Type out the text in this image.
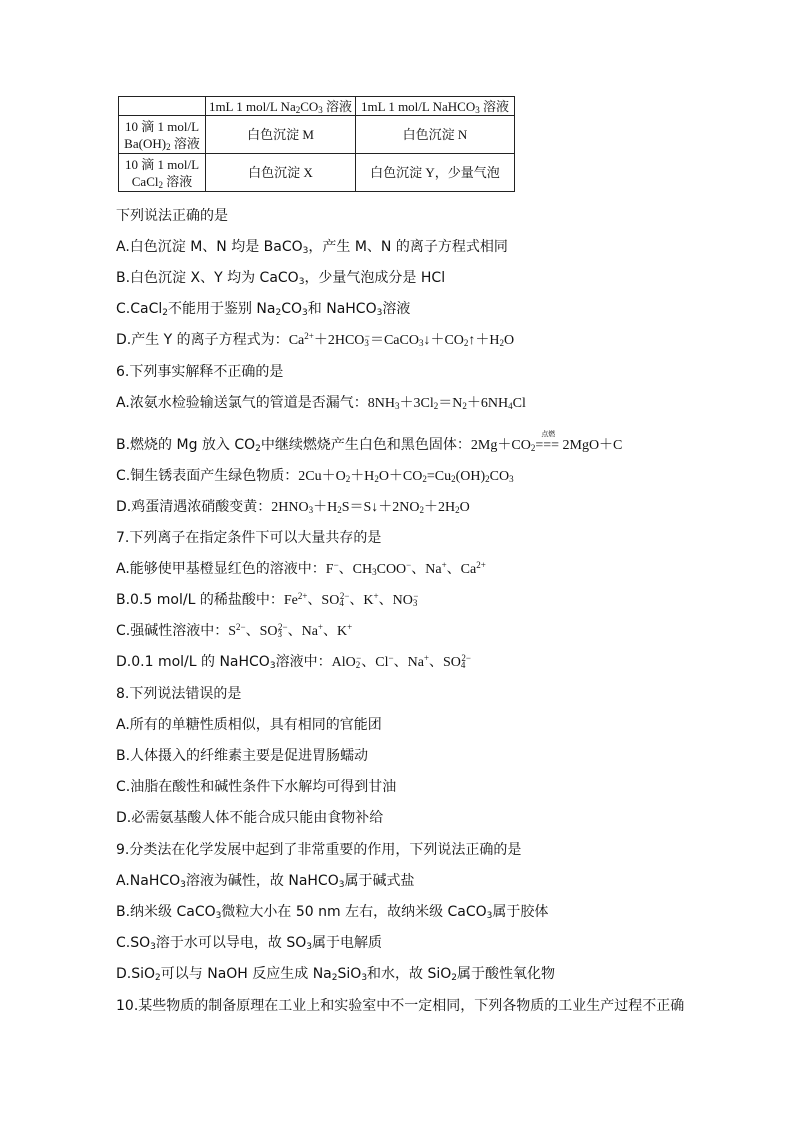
	1mL 1 mol/L $Na_2CO_3$ 溶液	1mL 1 mol/L NaHCO$_3$ 溶液
10 滴 1 mol/L
$Ba(OH)_2$ 溶液	白色沉淀 M	白色沉淀 N
10 滴 1 mol/L
CaCl$_2$ 溶液	白色沉淀 X	白色沉淀 Y，少量气泡
下列说法正确的是
A.白色沉淀 M、N 均是 BaCO$_3$，产生 M、N 的离子方程式相同
B.白色沉淀 X、Y 均为 CaCO$_3$，少量气泡成分是 HCl
C.CaCl$_2$不能用于鉴别 $Na_2CO_3$和 NaHCO$_3$溶液
D.产生 Y 的离子方程式为：$Ca^{2+}+2HCO_3^-=CaCO_3↓+CO_2↑+H_2O$
6.下列事实解释不正确的是
A.浓氨水检验输送氯气的管道是否漏气：$8NH_3+3Cl_2=N_2+6NH_4Cl$
B.燃烧的 Mg 放入 $CO_2$中继续燃烧产生白色和黑色固体：$2Mg+CO_2$
点燃
=== 2MgO＋C
C.铜生锈表面产生绿色物质：$2Cu+O_2+H_2O+CO_2=Cu_2(OH)_2CO_3$
D.鸡蛋清遇浓硝酸变黄：$2HNO_3+H_2S=S↓+2NO_2+2H_2O$
7.下列离子在指定条件下可以大量共存的是
A.能够使甲基橙显红色的溶液中：F−、$CH_3COO^-$、Na+、$Ca^{2+}$
B.0.5 mol/L 的稀盐酸中：$Fe^{2+}$、$SO_4^{2-}$、K+、$NO_3^-$
C.强碱性溶液中：$S^{2-}$、$SO_3^{2-}$、Na+、K+
D.0.1 mol/L 的 NaHCO$_3$溶液中：AlO$_2$−、Cl−、Na+、$SO_4^{2-}$
8.下列说法错误的是
A.所有的单糖性质相似，具有相同的官能团
B.人体摄入的纤维素主要是促进胃肠蠕动
C.油脂在酸性和碱性条件下水解均可得到甘油
D.必需氨基酸人体不能合成只能由食物补给
9.分类法在化学发展中起到了非常重要的作用，下列说法正确的是
A.NaHCO$_3$溶液为碱性，故 NaHCO$_3$属于碱式盐
B.纳米级 CaCO$_3$微粒大小在 50 nm 左右，故纳米级 CaCO$_3$属于胶体
$C.SO_3$溶于水可以导电，故 $SO_3$属于电解质
D.SiO$_2$可以与 NaOH 反应生成 $Na_2SiO_3$和水，故 SiO$_2$属于酸性氧化物
10.某些物质的制备原理在工业上和实验室中不一定相同，下列各物质的工业生产过程不正确
